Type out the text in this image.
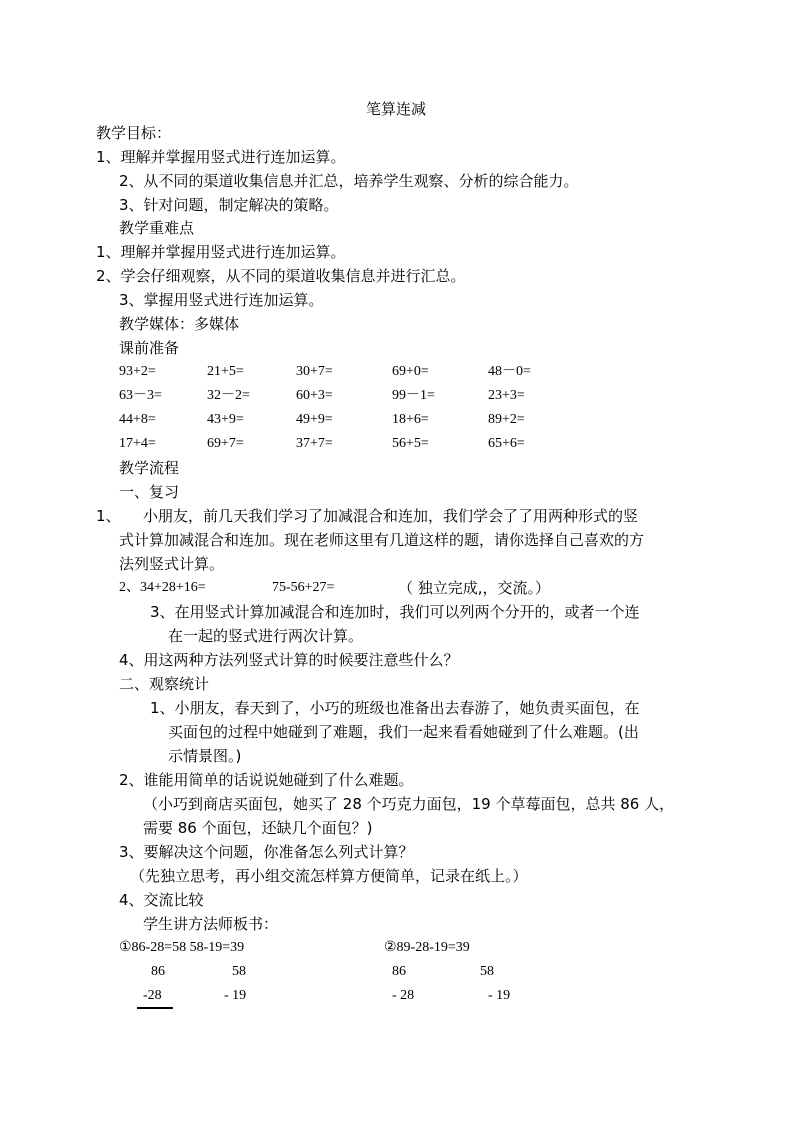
笔算连减
教学目标：
1、理解并掌握用竖式进行连加运算。
2、从不同的渠道收集信息并汇总，培养学生观察、分析的综合能力。
3、针对问题，制定解决的策略。
教学重难点
1、理解并掌握用竖式进行连加运算。
2、学会仔细观察，从不同的渠道收集信息并进行汇总。
3、掌握用竖式进行连加运算。
教学媒体：多媒体
课前准备
93+2=	21+5=	30+7=	69+0=	48－0=
63－3=	32－2=	60+3=	99－1=	23+3=
44+8=	43+9=	49+9=	18+6=	89+2=
17+4=	69+7=	37+7=	56+5=	65+6=
教学流程
一、复习
1、 小朋友，前几天我们学习了加减混合和连加，我们学会了了用两种形式的竖
式计算加减混合和连加。现在老师这里有几道这样的题，请你选择自己喜欢的方
法列竖式计算。
2、34+28+16=	75-56+27=	（ 独立完成,，交流。）
3、在用竖式计算加减混合和连加时，我们可以列两个分开的，或者一个连
在一起的竖式进行两次计算。
4、用这两种方法列竖式计算的时候要注意些什么？
二、观察统计
1、小朋友，春天到了，小巧的班级也准备出去春游了，她负责买面包，在
买面包的过程中她碰到了难题，我们一起来看看她碰到了什么难题。(出
示情景图。)
2、谁能用简单的话说说她碰到了什么难题。
（小巧到商店买面包，她买了 28 个巧克力面包，19 个草莓面包，总共 86 人，
需要 86 个面包，还缺几个面包？)
3、要解决这个问题，你准备怎么列式计算？
（先独立思考，再小组交流怎样算方便简单，记录在纸上。）
4、交流比较
学生讲方法师板书：
①86-28=58 58-19=39	②89-28-19=39
86	58	86	58
-28	- 19	- 28	- 19
